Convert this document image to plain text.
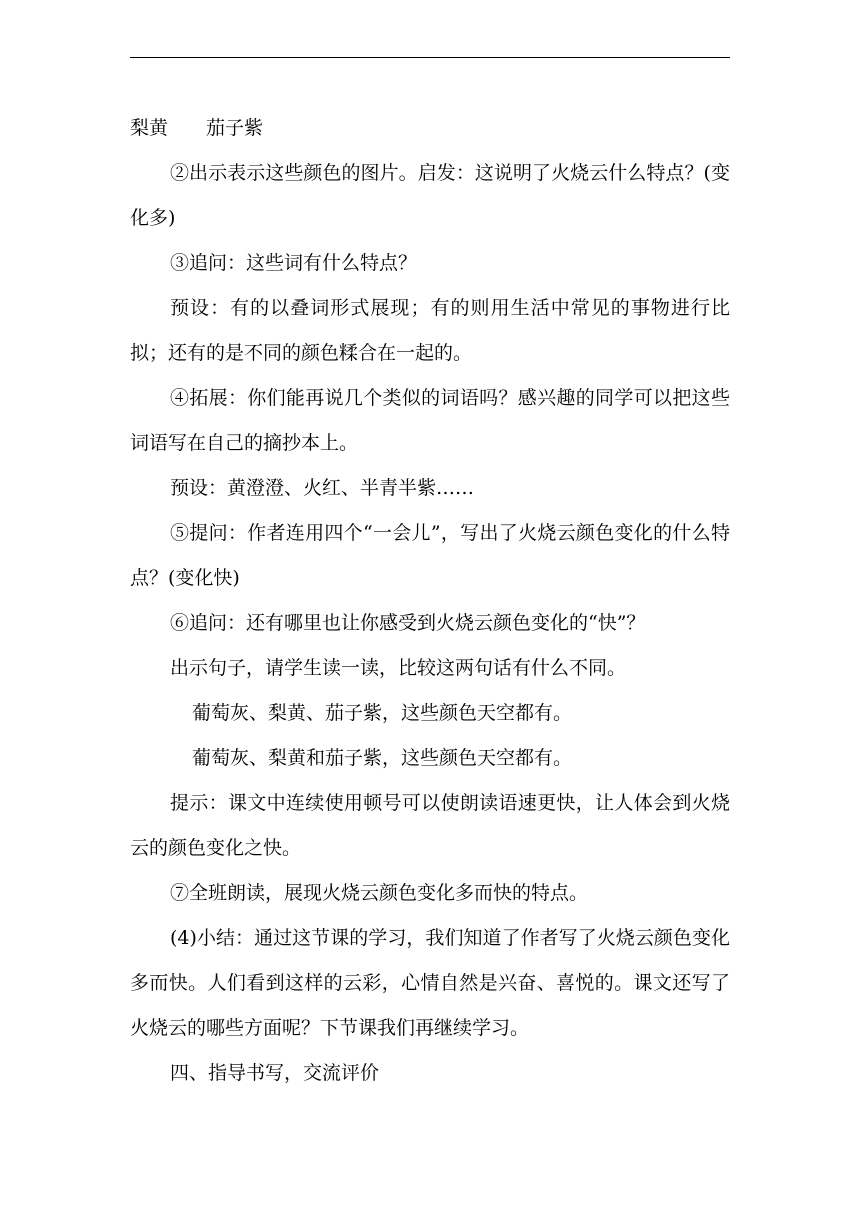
梨黄　　茄子紫

②出示表示这些颜色的图片。启发：这说明了火烧云什么特点？(变化多)

③追问：这些词有什么特点？

预设：有的以叠词形式展现；有的则用生活中常见的事物进行比拟；还有的是不同的颜色糅合在一起的。

④拓展：你们能再说几个类似的词语吗？感兴趣的同学可以把这些词语写在自己的摘抄本上。

预设：黄澄澄、火红、半青半紫……

⑤提问：作者连用四个“一会儿”，写出了火烧云颜色变化的什么特点？(变化快)

⑥追问：还有哪里也让你感受到火烧云颜色变化的“快”？

出示句子，请学生读一读，比较这两句话有什么不同。

葡萄灰、梨黄、茄子紫，这些颜色天空都有。

葡萄灰、梨黄和茄子紫，这些颜色天空都有。

提示：课文中连续使用顿号可以使朗读语速更快，让人体会到火烧云的颜色变化之快。

⑦全班朗读，展现火烧云颜色变化多而快的特点。

(4)小结：通过这节课的学习，我们知道了作者写了火烧云颜色变化多而快。人们看到这样的云彩，心情自然是兴奋、喜悦的。课文还写了火烧云的哪些方面呢？下节课我们再继续学习。

四、指导书写，交流评价
